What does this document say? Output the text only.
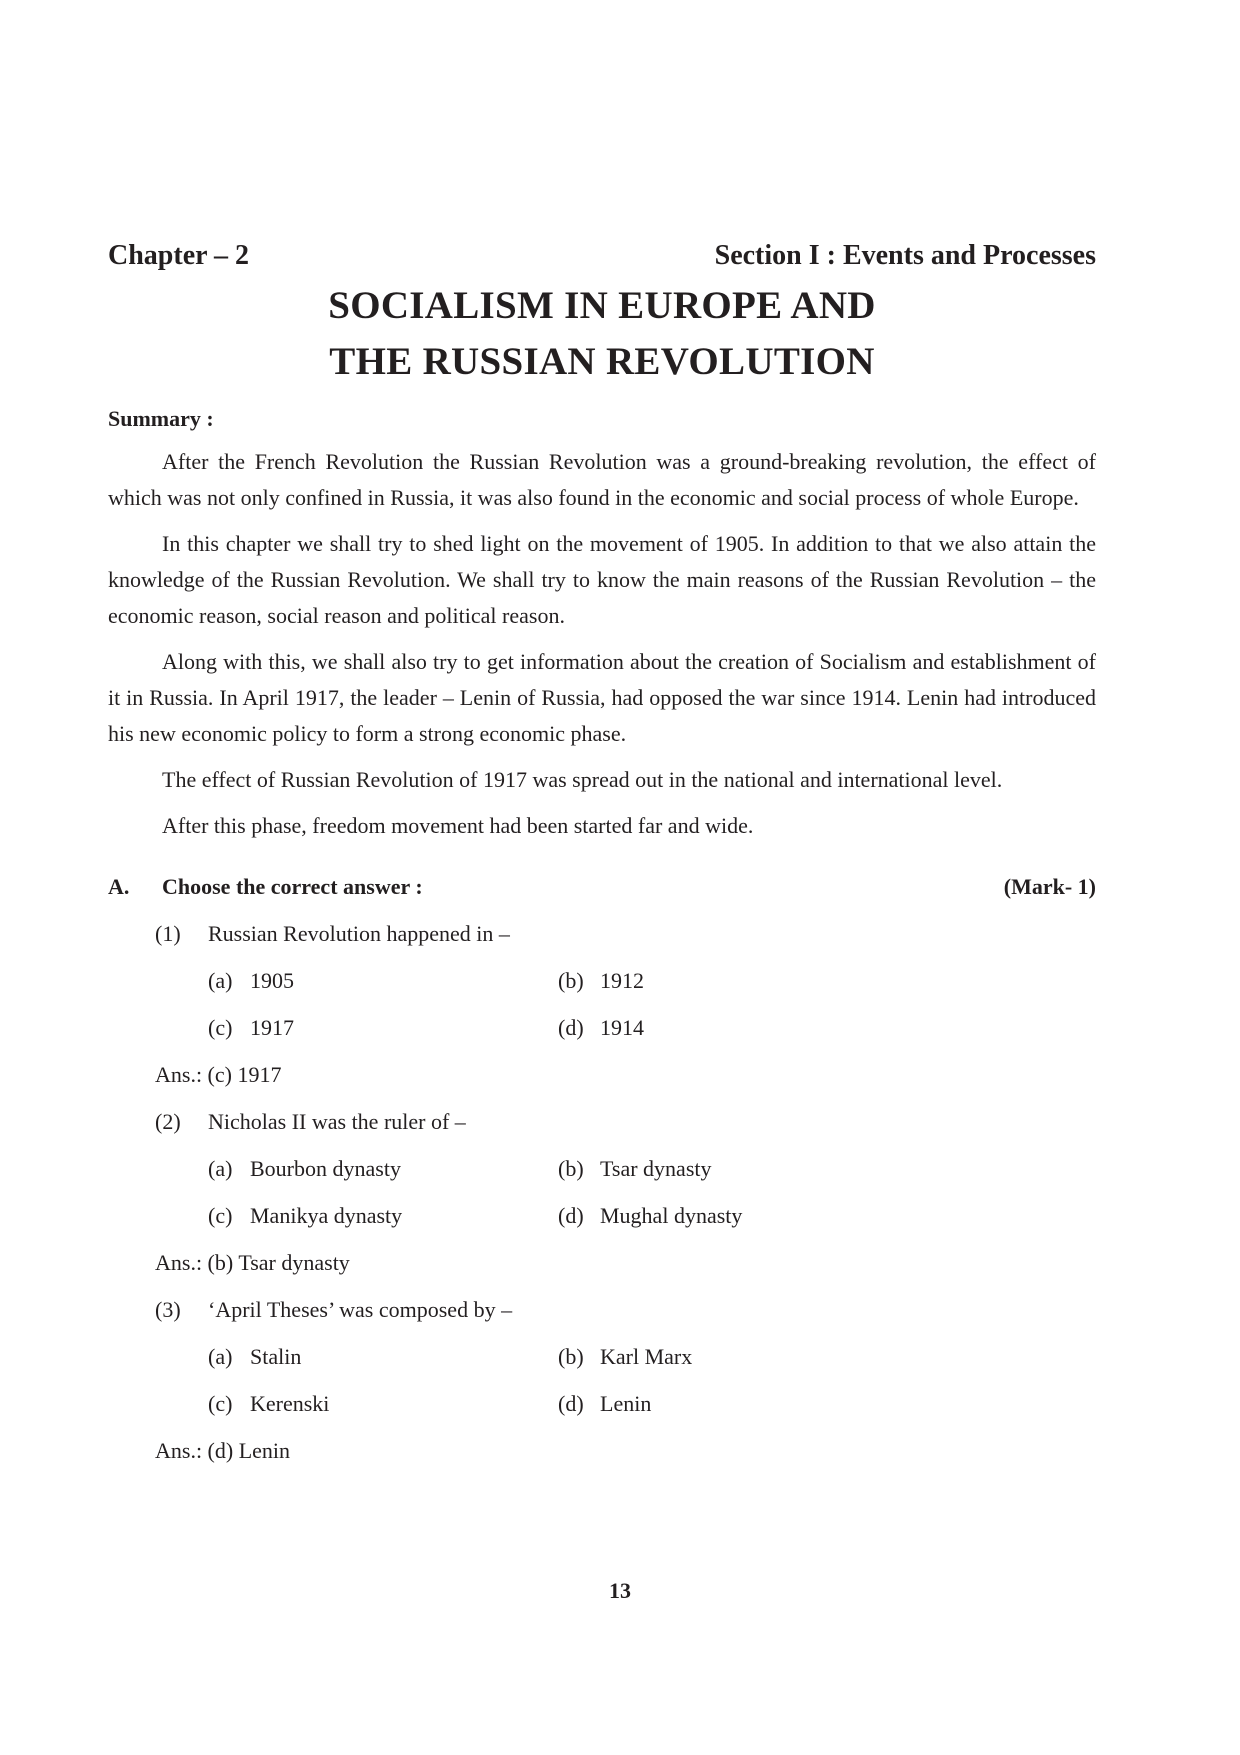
Chapter – 2	Section I : Events and Processes
SOCIALISM IN EUROPE AND
THE RUSSIAN REVOLUTION
Summary :

After the French Revolution the Russian Revolution was a ground-breaking revolution, the effect of which was not only confined in Russia, it was also found in the economic and social process of whole Europe.

In this chapter we shall try to shed light on the movement of 1905. In addition to that we also attain the knowledge of the Russian Revolution. We shall try to know the main reasons of the Russian Revolution – the economic reason, social reason and political reason.

Along with this, we shall also try to get information about the creation of Socialism and establishment of it in Russia. In April 1917, the leader – Lenin of Russia, had opposed the war since 1914. Lenin had introduced his new economic policy to form a strong economic phase.

The effect of Russian Revolution of 1917 was spread out in the national and international level.

After this phase, freedom movement had been started far and wide.

A.	Choose the correct answer :	(Mark- 1)
(1)	Russian Revolution happened in –
(a) 1905	(b) 1912
(c) 1917	(d) 1914
Ans.: (c) 1917
(2)	Nicholas II was the ruler of –
(a) Bourbon dynasty	(b) Tsar dynasty
(c) Manikya dynasty	(d) Mughal dynasty
Ans.: (b) Tsar dynasty
(3)	‘April Theses’ was composed by –
(a) Stalin	(b) Karl Marx
(c) Kerenski	(d) Lenin
Ans.: (d) Lenin
13
